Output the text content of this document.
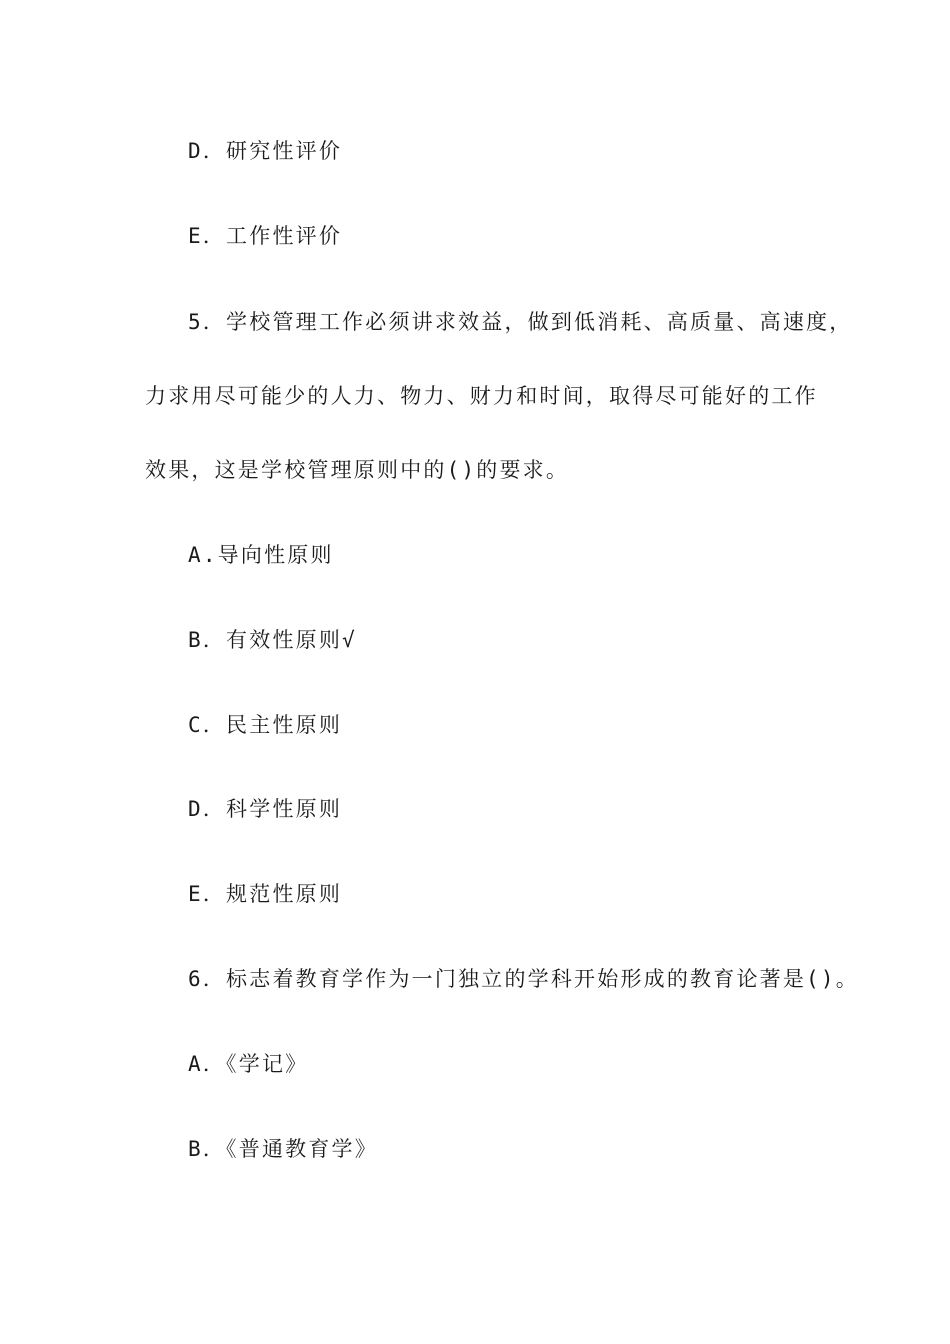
D．研究性评价
E．工作性评价
5．学校管理工作必须讲求效益，做到低消耗、高质量、高速度，
力求用尽可能少的人力、物力、财力和时间，取得尽可能好的工作
效果，这是学校管理原则中的()的要求。
A.导向性原则
B．有效性原则√
C．民主性原则
D．科学性原则
E．规范性原则
6．标志着教育学作为一门独立的学科开始形成的教育论著是()。
A．《学记》
B．《普通教育学》
